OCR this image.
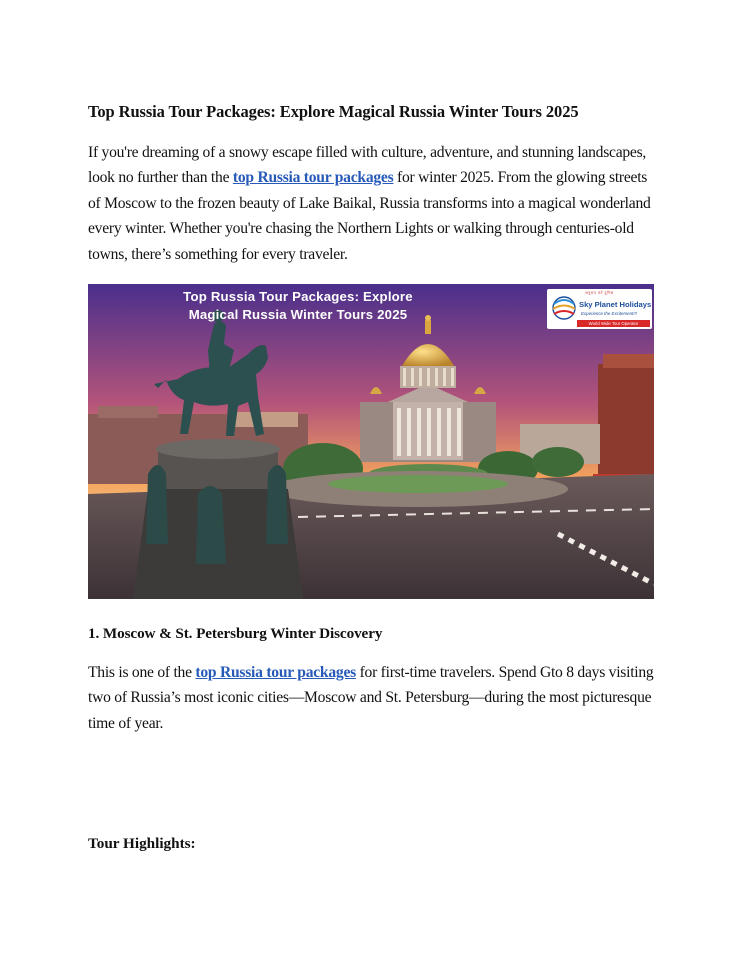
Top Russia Tour Packages: Explore Magical Russia Winter Tours 2025
If you're dreaming of a snowy escape filled with culture, adventure, and stunning landscapes, look no further than the top Russia tour packages for winter 2025. From the glowing streets of Moscow to the frozen beauty of Lake Baikal, Russia transforms into a magical wonderland every winter. Whether you're chasing the Northern Lights or walking through centuries-old towns, there’s something for every traveler.
Top Russia Tour Packages: Explore
Magical Russia Winter Tours 2025
अनुभव करें दुनिया
Sky Planet Holidays
Experience the Excitement!!!
World Wide Tour Operator
1. Moscow & St. Petersburg Winter Discovery
This is one of the top Russia tour packages for first-time travelers. Spend Gto 8 days visiting two of Russia’s most iconic cities—Moscow and St. Petersburg—during the most picturesque time of year.
Tour Highlights:
